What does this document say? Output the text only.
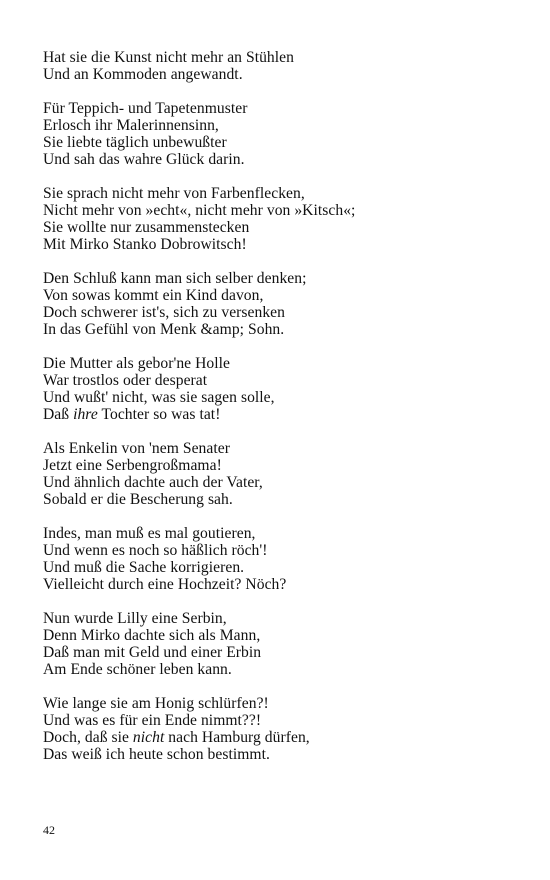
Hat sie die Kunst nicht mehr an Stühlen
Und an Kommoden angewandt.
Für Teppich- und Tapetenmuster
Erlosch ihr Malerinnensinn,
Sie liebte täglich unbewußter
Und sah das wahre Glück darin.
Sie sprach nicht mehr von Farbenflecken,
Nicht mehr von »echt«, nicht mehr von »Kitsch«;
Sie wollte nur zusammenstecken
Mit Mirko Stanko Dobrowitsch!
Den Schluß kann man sich selber denken;
Von sowas kommt ein Kind davon,
Doch schwerer ist's, sich zu versenken
In das Gefühl von Menk &amp; Sohn.
Die Mutter als gebor'ne Holle
War trostlos oder desperat
Und wußt' nicht, was sie sagen solle,
Daß ihre Tochter so was tat!
Als Enkelin von 'nem Senater
Jetzt eine Serbengroßmama!
Und ähnlich dachte auch der Vater,
Sobald er die Bescherung sah.
Indes, man muß es mal goutieren,
Und wenn es noch so häßlich röch'!
Und muß die Sache korrigieren.
Vielleicht durch eine Hochzeit? Nöch?
Nun wurde Lilly eine Serbin,
Denn Mirko dachte sich als Mann,
Daß man mit Geld und einer Erbin
Am Ende schöner leben kann.
Wie lange sie am Honig schlürfen?!
Und was es für ein Ende nimmt??!
Doch, daß sie nicht nach Hamburg dürfen,
Das weiß ich heute schon bestimmt.
42
